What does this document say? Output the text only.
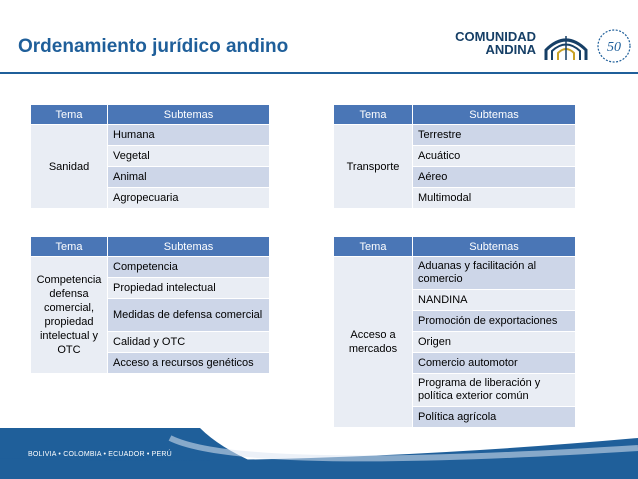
Ordenamiento jurídico andino	COMUNIDAD
ANDINA	50
Tema	Subtemas
Sanidad	Humana
	Vegetal
	Animal
	Agropecuaria
Tema	Subtemas
Transporte	Terrestre
	Acuático
	Aéreo
	Multimodal
Tema	Subtemas
Competencia defensa comercial, propiedad intelectual y OTC	Competencia
	Propiedad intelectual
	Medidas de defensa comercial
	Calidad y OTC
	Acceso a recursos genéticos
Tema	Subtemas
Acceso a mercados	Aduanas y facilitación al comercio
	NANDINA
	Promoción de exportaciones
	Origen
	Comercio automotor
	Programa de liberación y política exterior común
	Política agrícola
BOLIVIA • COLOMBIA • ECUADOR • PERÚ
